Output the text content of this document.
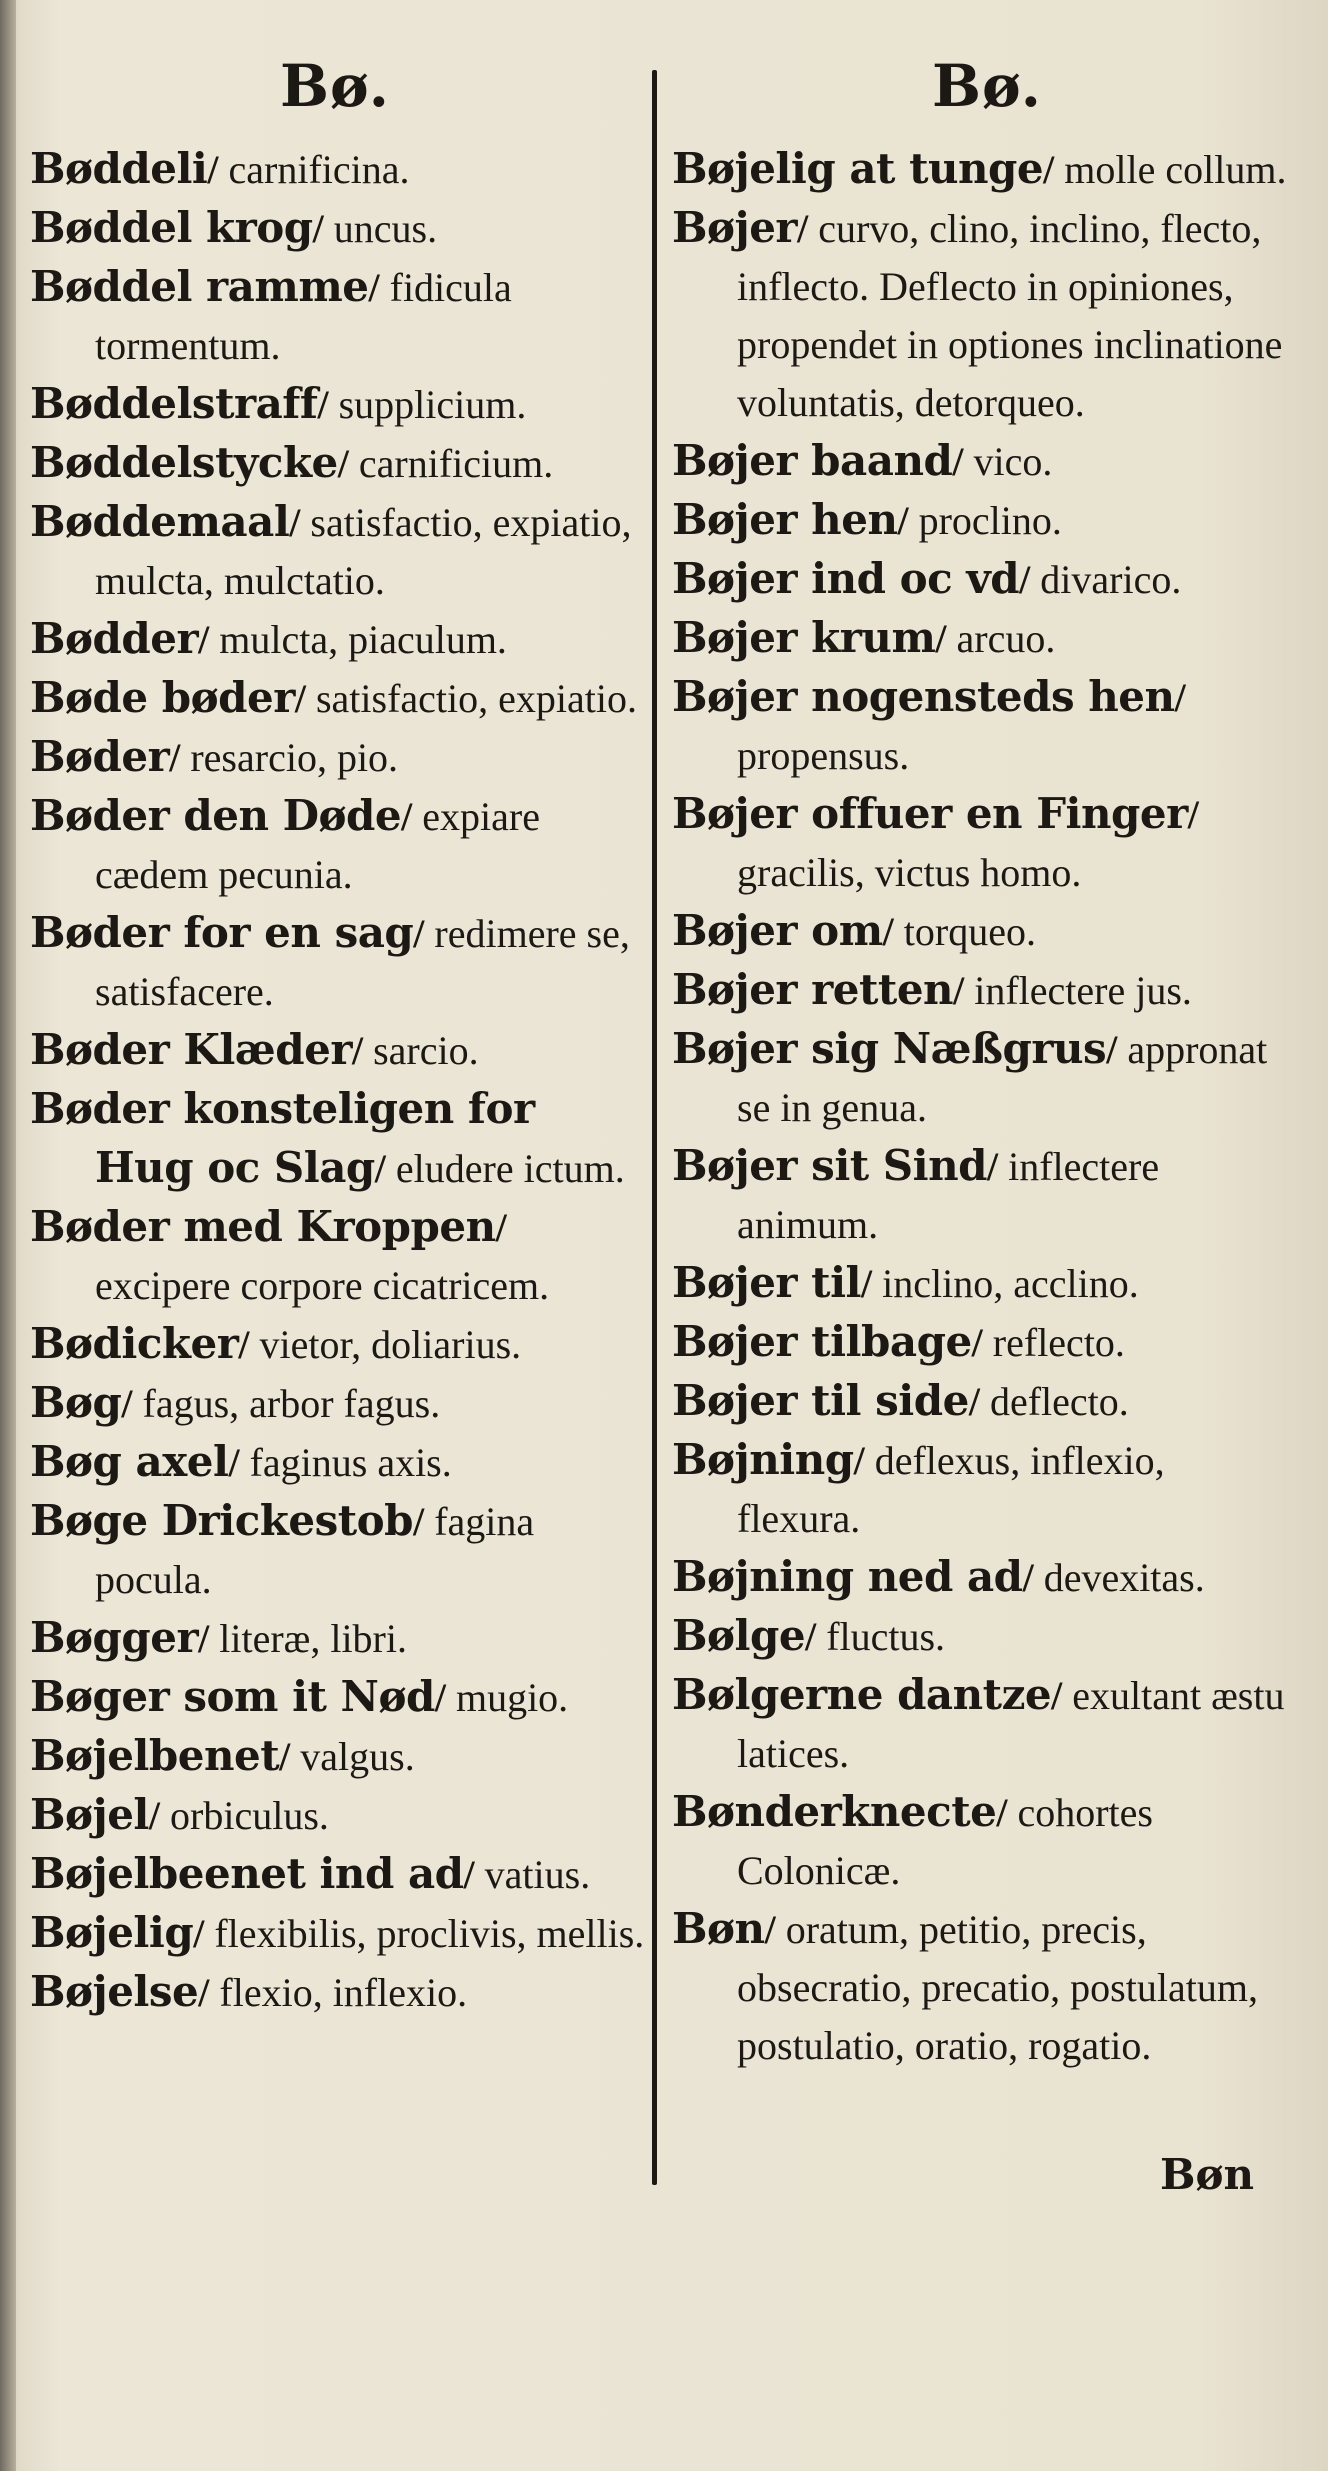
Bø.

Bøddeli/ carnificina.

Bøddel krog/ uncus.

Bøddel ramme/ fidicula tormentum.

Bøddelstraff/ supplicium.

Bøddelstycke/ carnificium.

Bøddemaal/ satisfactio, expiatio, mulcta, mulctatio.

Bødder/ mulcta, piaculum.

Bøde bøder/ satisfactio, expiatio.

Bøder/ resarcio, pio.

Bøder den Døde/ expiare cædem pecunia.

Bøder for en sag/ redimere se, satisfacere.

Bøder Klæder/ sarcio.

Bøder konsteligen for Hug oc Slag/ eludere ictum.

Bøder med Kroppen/ excipere corpore cicatricem.

Bødicker/ vietor, doliarius.

Bøg/ fagus, arbor fagus.

Bøg axel/ faginus axis.

Bøge Drickestob/ fagina pocula.

Bøgger/ literæ, libri.

Bøger som it Nød/ mugio.

Bøjelbenet/ valgus.

Bøjel/ orbiculus.

Bøjelbeenet ind ad/ vatius.

Bøjelig/ flexibilis, proclivis, mellis.

Bøjelse/ flexio, inflexio.

Bø.

Bøjelig at tunge/ molle collum.

Bøjer/ curvo, clino, inclino, flecto, inflecto. Deflecto in opiniones, propendet in optiones inclinatione voluntatis, detorqueo.

Bøjer baand/ vico.

Bøjer hen/ proclino.

Bøjer ind oc vd/ divarico.

Bøjer krum/ arcuo.

Bøjer nogensteds hen/ propensus.

Bøjer offuer en Finger/ gracilis, victus homo.

Bøjer om/ torqueo.

Bøjer retten/ inflectere jus.

Bøjer sig Næßgrus/ appronat se in genua.

Bøjer sit Sind/ inflectere animum.

Bøjer til/ inclino, acclino.

Bøjer tilbage/ reflecto.

Bøjer til side/ deflecto.

Bøjning/ deflexus, inflexio, flexura.

Bøjning ned ad/ devexitas.

Bølge/ fluctus.

Bølgerne dantze/ exultant æstu latices.

Bønderknecte/ cohortes Colonicæ.

Bøn/ oratum, petitio, precis, obsecratio, precatio, postulatum, postulatio, oratio, rogatio.

Bøn
